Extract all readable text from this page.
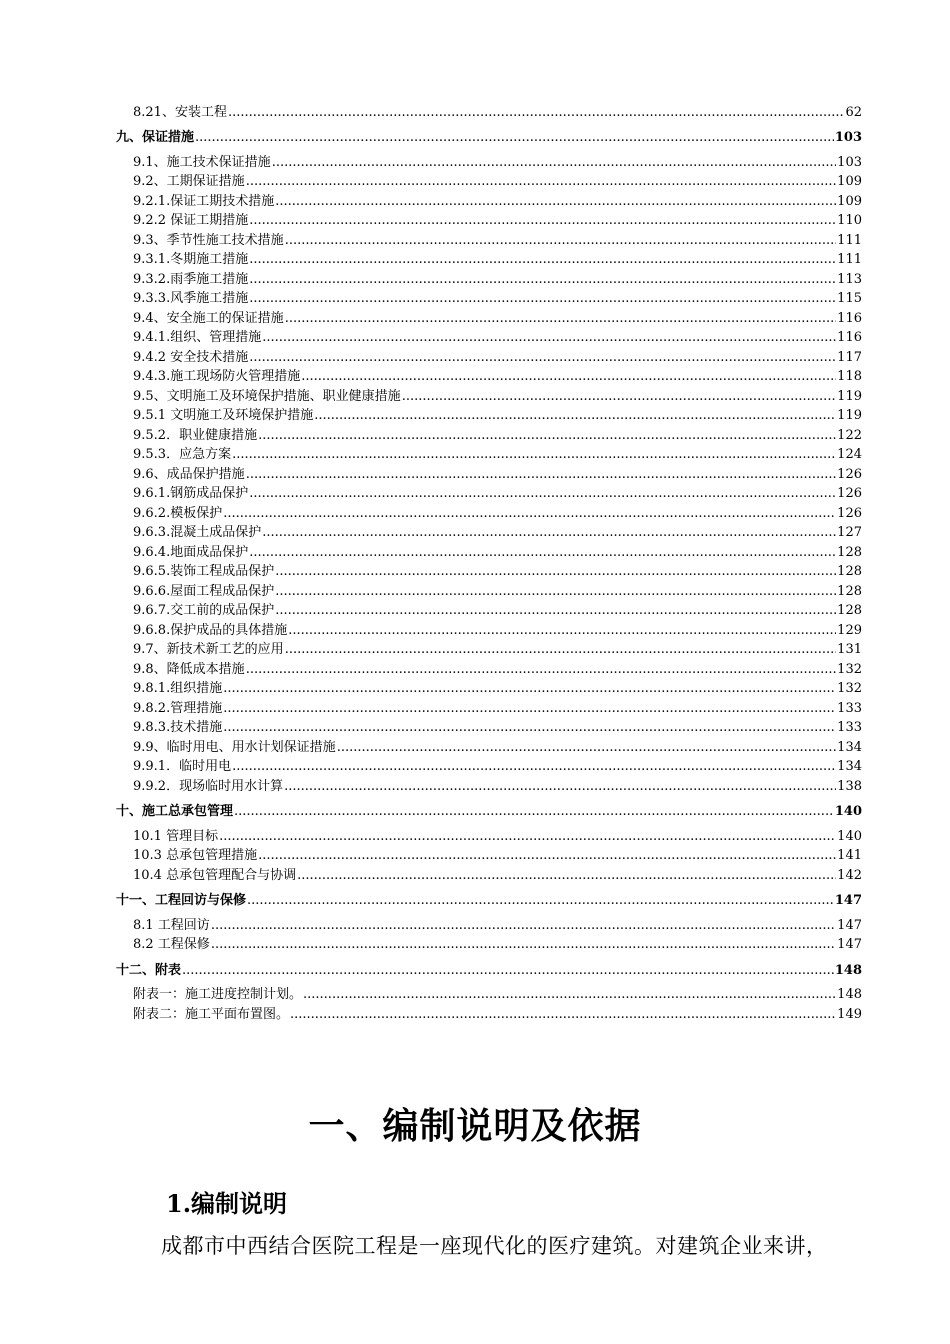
8.21、安装工程 .....	62
九、保证措施 .....	103
9.1、施工技术保证措施 .....	103
9.2、工期保证措施 .....	109
9.2.1.保证工期技术措施 .....	109
9.2.2 保证工期措施 .....	110
9.3、季节性施工技术措施 .....	111
9.3.1.冬期施工措施 .....	111
9.3.2.雨季施工措施 .....	113
9.3.3.风季施工措施 .....	115
9.4、安全施工的保证措施 .....	116
9.4.1.组织、管理措施 .....	116
9.4.2 安全技术措施 .....	117
9.4.3.施工现场防火管理措施 .....	118
9.5、文明施工及环境保护措施、职业健康措施 .....	119
9.5.1 文明施工及环境保护措施 .....	119
9.5.2．职业健康措施 .....	122
9.5.3．应急方案 .....	124
9.6、成品保护措施 .....	126
9.6.1.钢筋成品保护 .....	126
9.6.2.模板保护 .....	126
9.6.3.混凝土成品保护 .....	127
9.6.4.地面成品保护 .....	128
9.6.5.装饰工程成品保护 .....	128
9.6.6.屋面工程成品保护 .....	128
9.6.7.交工前的成品保护 .....	128
9.6.8.保护成品的具体措施 .....	129
9.7、新技术新工艺的应用 .....	131
9.8、降低成本措施 .....	132
9.8.1.组织措施 .....	132
9.8.2.管理措施 .....	133
9.8.3.技术措施 .....	133
9.9、临时用电、用水计划保证措施 .....	134
9.9.1．临时用电 .....	134
9.9.2．现场临时用水计算 .....	138
十、施工总承包管理 .....	140
10.1 管理目标 .....	140
10.3 总承包管理措施 .....	141
10.4 总承包管理配合与协调 .....	142
十一、工程回访与保修 .....	147
8.1 工程回访 .....	147
8.2 工程保修 .....	147
十二、附表 .....	148
附表一：施工进度控制计划。 .....	148
附表二：施工平面布置图。 .....	149
一、编制说明及依据
1.编制说明
成都市中西结合医院工程是一座现代化的医疗建筑。对建筑企业来讲，
